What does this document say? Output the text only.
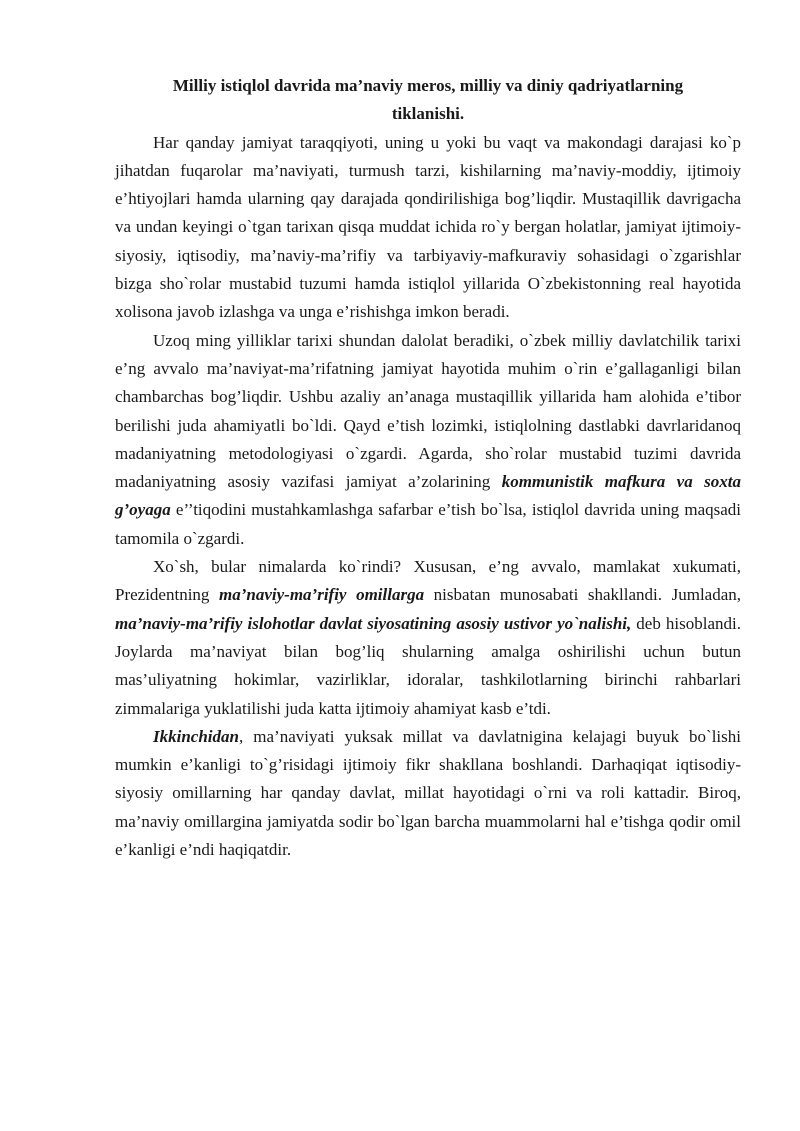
Milliy istiqlol davrida ma’naviy meros, milliy va diniy qadriyatlarning tiklanishi.

Har qanday jamiyat taraqqiyoti, uning u yoki bu vaqt va makondagi darajasi ko`p jihatdan fuqarolar ma’naviyati, turmush tarzi, kishilarning ma’naviy-moddiy, ijtimoiy e’htiyojlari hamda ularning qay darajada qondirilishiga bog’liqdir. Mustaqillik davrigacha va undan keyingi o`tgan tarixan qisqa muddat ichida ro`y bergan holatlar, jamiyat ijtimoiy-siyosiy, iqtisodiy, ma’naviy-ma’rifiy va tarbiyaviy-mafkuraviy sohasidagi o`zgarishlar bizga sho`rolar mustabid tuzumi hamda istiqlol yillarida O`zbekistonning real hayotida xolisona javob izlashga va unga e’rishishga imkon beradi.

Uzoq ming yilliklar tarixi shundan dalolat beradiki, o`zbek milliy davlatchilik tarixi e’ng avvalo ma’naviyat-ma’rifatning jamiyat hayotida muhim o`rin e’gallaganligi bilan chambarchas bog’liqdir. Ushbu azaliy an’anaga mustaqillik yillarida ham alohida e’tibor berilishi juda ahamiyatli bo`ldi. Qayd e’tish lozimki, istiqlolning dastlabki davrlaridanoq madaniyatning metodologiyasi o`zgardi. Agarda, sho`rolar mustabid tuzimi davrida madaniyatning asosiy vazifasi jamiyat a’zolarining kommunistik mafkura va soxta g’oyaga e’’tiqodini mustahkamlashga safarbar e’tish bo`lsa, istiqlol davrida uning maqsadi tamomila o`zgardi.

Xo`sh, bular nimalarda ko`rindi? Xususan, e’ng avvalo, mamlakat xukumati, Prezidentning ma’naviy-ma’rifiy omillarga nisbatan munosabati shakllandi. Jumladan, ma’naviy-ma’rifiy islohotlar davlat siyosatining asosiy ustivor yo`nalishi, deb hisoblandi. Joylarda ma’naviyat bilan bog’liq shularning amalga oshirilishi uchun butun mas’uliyatning hokimlar, vazirliklar, idoralar, tashkilotlarning birinchi rahbarlari zimmalariga yuklatilishi juda katta ijtimoiy ahamiyat kasb e’tdi.

Ikkinchidan, ma’naviyati yuksak millat va davlatnigina kelajagi buyuk bo`lishi mumkin e’kanligi to`g’risidagi ijtimoiy fikr shakllana boshlandi. Darhaqiqat iqtisodiy-siyosiy omillarning har qanday davlat, millat hayotidagi o`rni va roli kattadir. Biroq, ma’naviy omillargina jamiyatda sodir bo`lgan barcha muammolarni hal e’tishga qodir omil e’kanligi e’ndi haqiqatdir.
